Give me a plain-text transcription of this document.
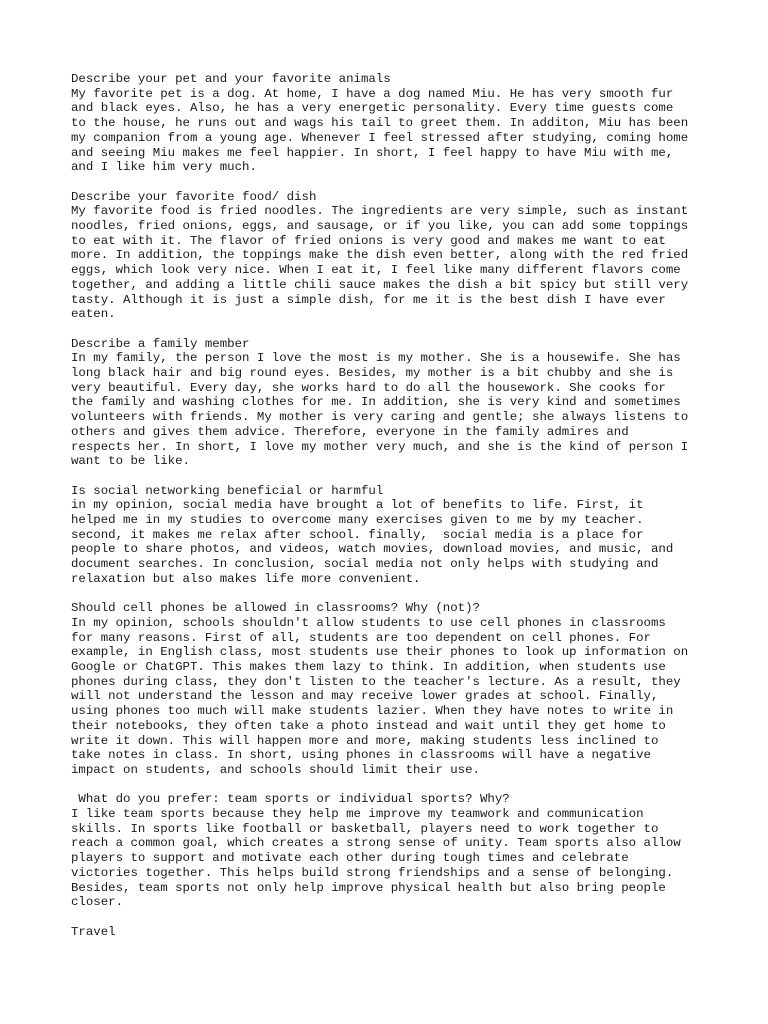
Describe your pet and your favorite animals
My favorite pet is a dog. At home, I have a dog named Miu. He has very smooth fur
and black eyes. Also, he has a very energetic personality. Every time guests come
to the house, he runs out and wags his tail to greet them. In additon, Miu has been
my companion from a young age. Whenever I feel stressed after studying, coming home
and seeing Miu makes me feel happier. In short, I feel happy to have Miu with me,
and I like him very much.
Describe your favorite food/ dish
My favorite food is fried noodles. The ingredients are very simple, such as instant
noodles, fried onions, eggs, and sausage, or if you like, you can add some toppings
to eat with it. The flavor of fried onions is very good and makes me want to eat
more. In addition, the toppings make the dish even better, along with the red fried
eggs, which look very nice. When I eat it, I feel like many different flavors come
together, and adding a little chili sauce makes the dish a bit spicy but still very
tasty. Although it is just a simple dish, for me it is the best dish I have ever
eaten.
Describe a family member
In my family, the person I love the most is my mother. She is a housewife. She has
long black hair and big round eyes. Besides, my mother is a bit chubby and she is
very beautiful. Every day, she works hard to do all the housework. She cooks for
the family and washing clothes for me. In addition, she is very kind and sometimes
volunteers with friends. My mother is very caring and gentle; she always listens to
others and gives them advice. Therefore, everyone in the family admires and
respects her. In short, I love my mother very much, and she is the kind of person I
want to be like.
Is social networking beneficial or harmful
in my opinion, social media have brought a lot of benefits to life. First, it
helped me in my studies to overcome many exercises given to me by my teacher.
second, it makes me relax after school. finally,  social media is a place for
people to share photos, and videos, watch movies, download movies, and music, and
document searches. In conclusion, social media not only helps with studying and
relaxation but also makes life more convenient.
Should cell phones be allowed in classrooms? Why (not)?
In my opinion, schools shouldn't allow students to use cell phones in classrooms
for many reasons. First of all, students are too dependent on cell phones. For
example, in English class, most students use their phones to look up information on
Google or ChatGPT. This makes them lazy to think. In addition, when students use
phones during class, they don't listen to the teacher's lecture. As a result, they
will not understand the lesson and may receive lower grades at school. Finally,
using phones too much will make students lazier. When they have notes to write in
their notebooks, they often take a photo instead and wait until they get home to
write it down. This will happen more and more, making students less inclined to
take notes in class. In short, using phones in classrooms will have a negative
impact on students, and schools should limit their use.
What do you prefer: team sports or individual sports? Why?
I like team sports because they help me improve my teamwork and communication
skills. In sports like football or basketball, players need to work together to
reach a common goal, which creates a strong sense of unity. Team sports also allow
players to support and motivate each other during tough times and celebrate
victories together. This helps build strong friendships and a sense of belonging.
Besides, team sports not only help improve physical health but also bring people
closer.
Travel
